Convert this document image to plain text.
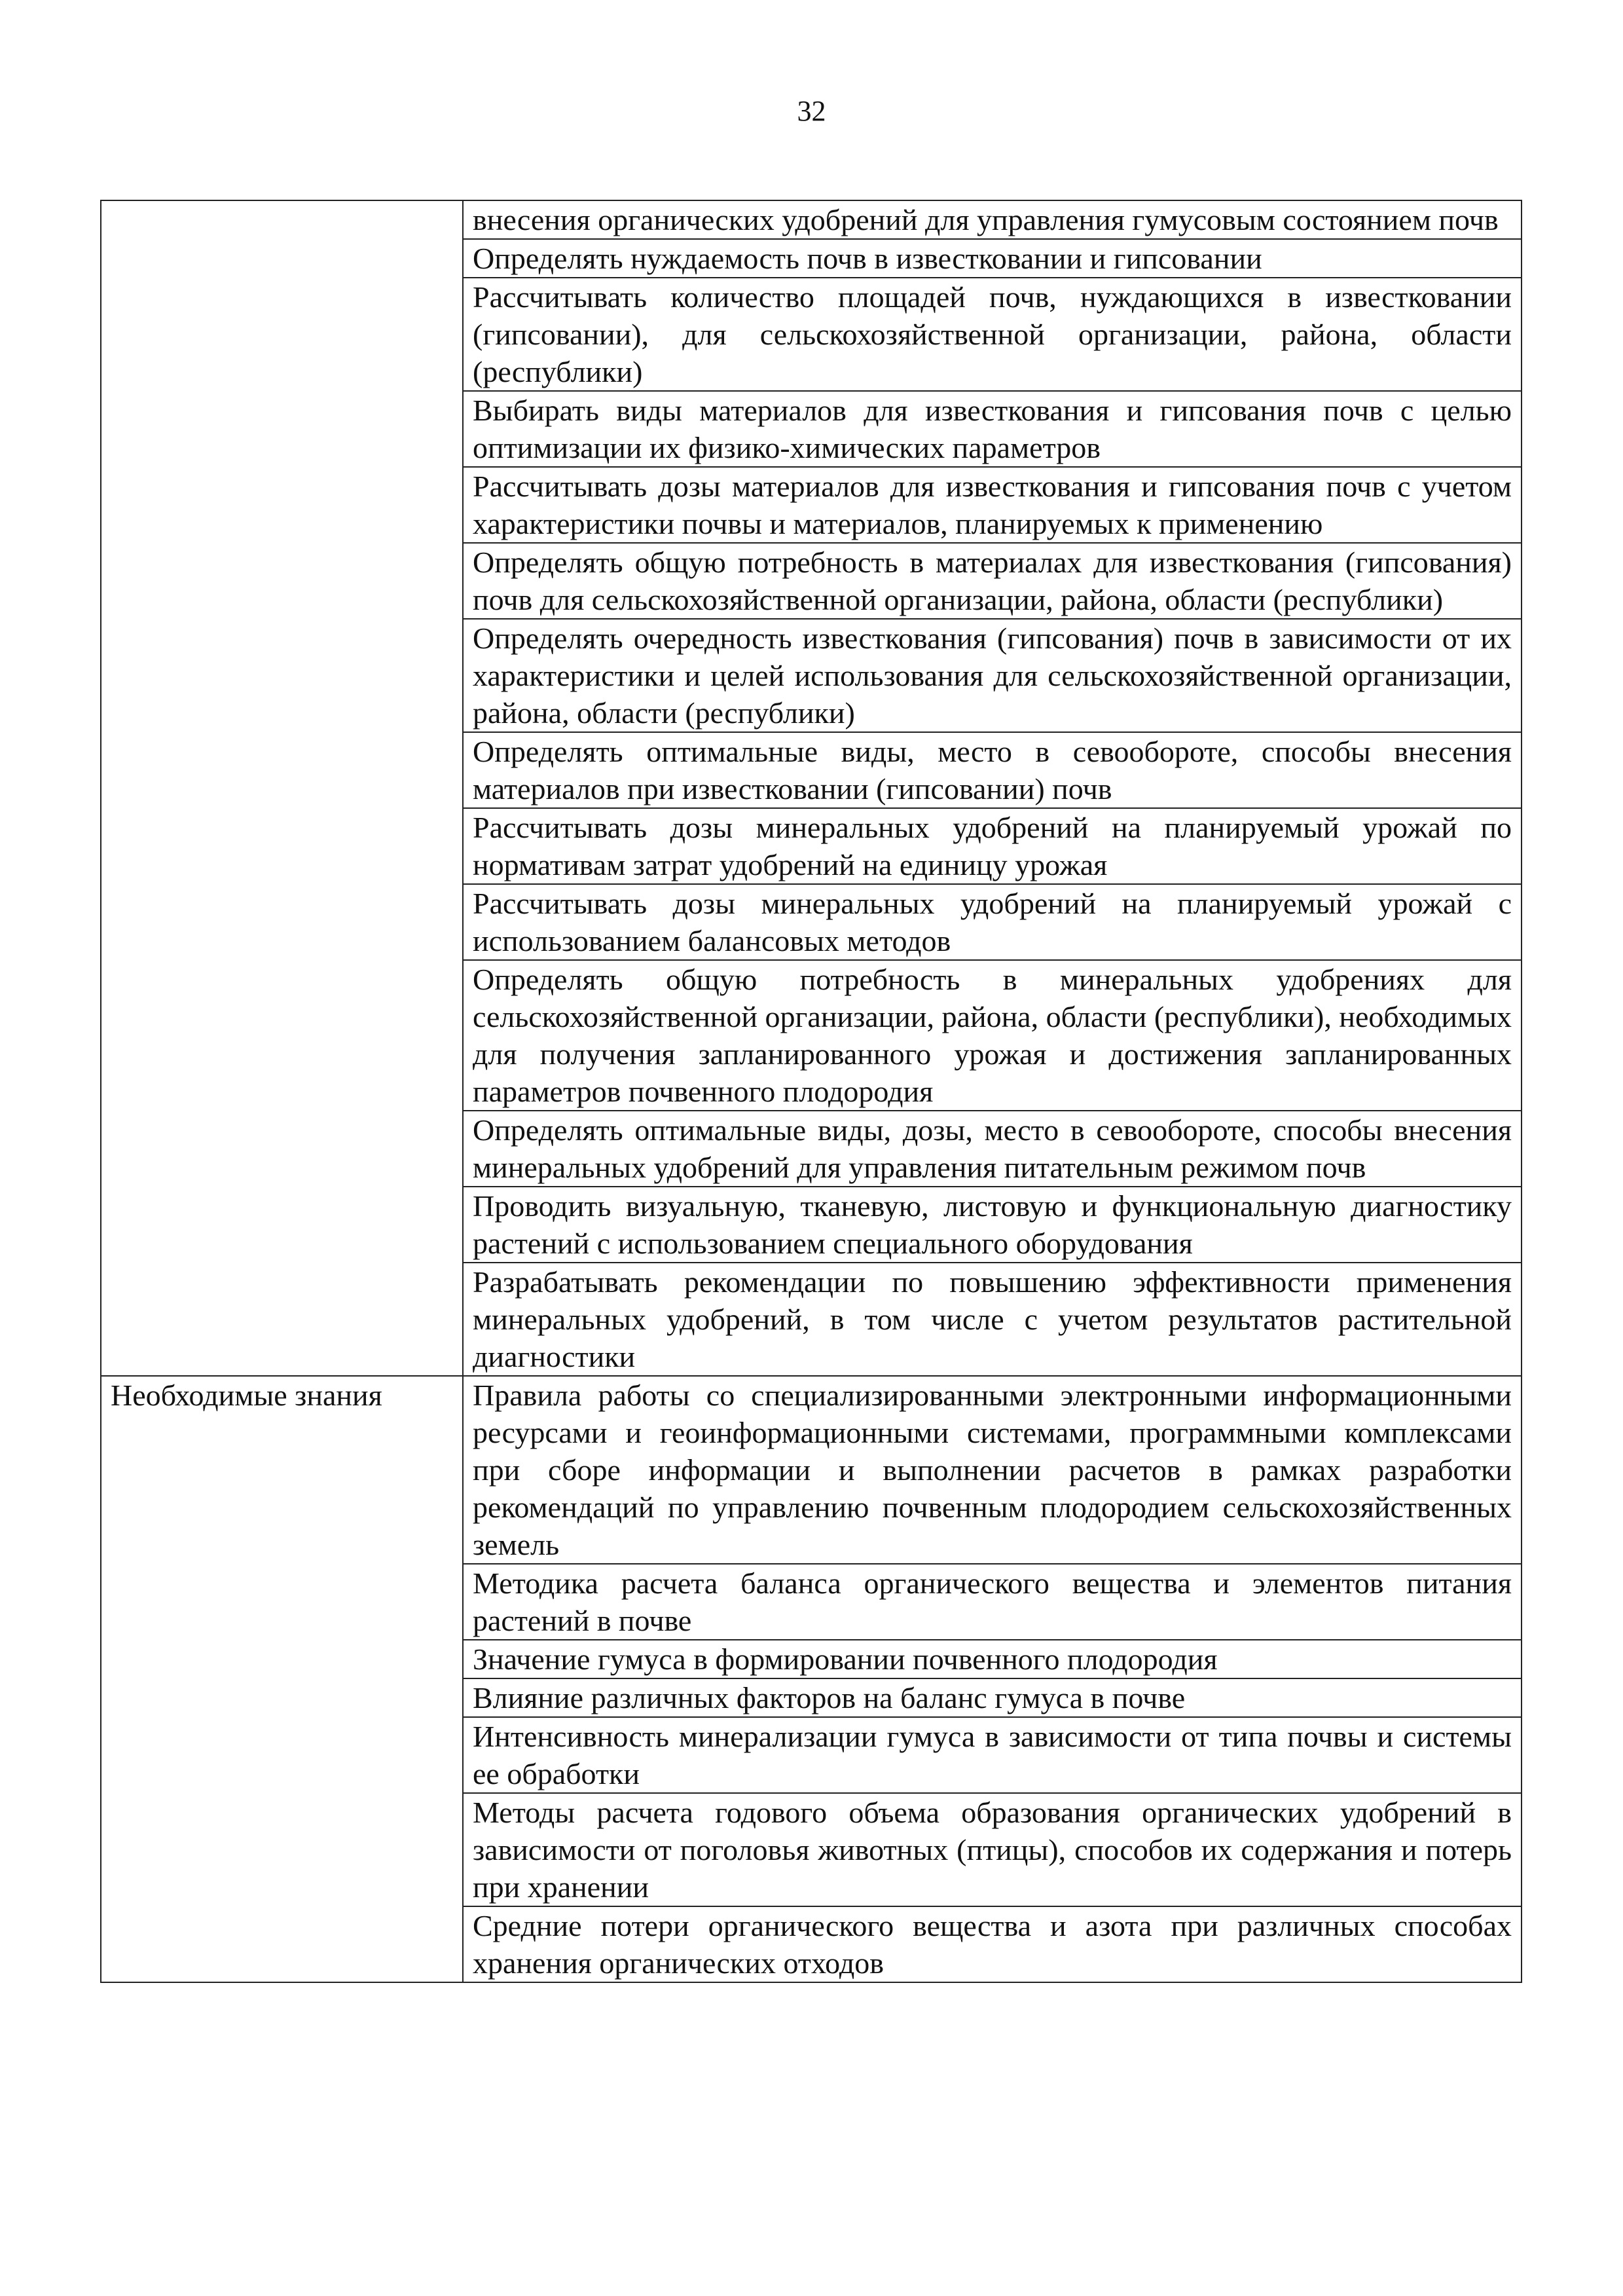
32
	внесения органических удобрений для управления гумусовым состоянием почв
	Определять нуждаемость почв в известковании и гипсовании
	Рассчитывать количество площадей почв, нуждающихся в известковании (гипсовании), для сельскохозяйственной организации, района, области (республики)
	Выбирать виды материалов для известкования и гипсования почв с целью оптимизации их физико-химических параметров
	Рассчитывать дозы материалов для известкования и гипсования почв с учетом характеристики почвы и материалов, планируемых к применению
	Определять общую потребность в материалах для известкования (гипсования) почв для сельскохозяйственной организации, района, области (республики)
	Определять очередность известкования (гипсования) почв в зависимости от их характеристики и целей использования для сельскохозяйственной организации, района, области (республики)
	Определять оптимальные виды, место в севообороте, способы внесения материалов при известковании (гипсовании) почв
	Рассчитывать дозы минеральных удобрений на планируемый урожай по нормативам затрат удобрений на единицу урожая
	Рассчитывать дозы минеральных удобрений на планируемый урожай с использованием балансовых методов
	Определять общую потребность в минеральных удобрениях для сельскохозяйственной организации, района, области (республики), необходимых для получения запланированного урожая и достижения запланированных параметров почвенного плодородия
	Определять оптимальные виды, дозы, место в севообороте, способы внесения минеральных удобрений для управления питательным режимом почв
	Проводить визуальную, тканевую, листовую и функциональную диагностику растений с использованием специального оборудования
	Разрабатывать рекомендации по повышению эффективности применения минеральных удобрений, в том числе с учетом результатов растительной диагностики
Необходимые знания	Правила работы со специализированными электронными информационными ресурсами и геоинформационными системами, программными комплексами при сборе информации и выполнении расчетов в рамках разработки рекомендаций по управлению почвенным плодородием сельскохозяйственных земель
	Методика расчета баланса органического вещества и элементов питания растений в почве
	Значение гумуса в формировании почвенного плодородия
	Влияние различных факторов на баланс гумуса в почве
	Интенсивность минерализации гумуса в зависимости от типа почвы и системы ее обработки
	Методы расчета годового объема образования органических удобрений в зависимости от поголовья животных (птицы), способов их содержания и потерь при хранении
	Средние потери органического вещества и азота при различных способах хранения органических отходов
